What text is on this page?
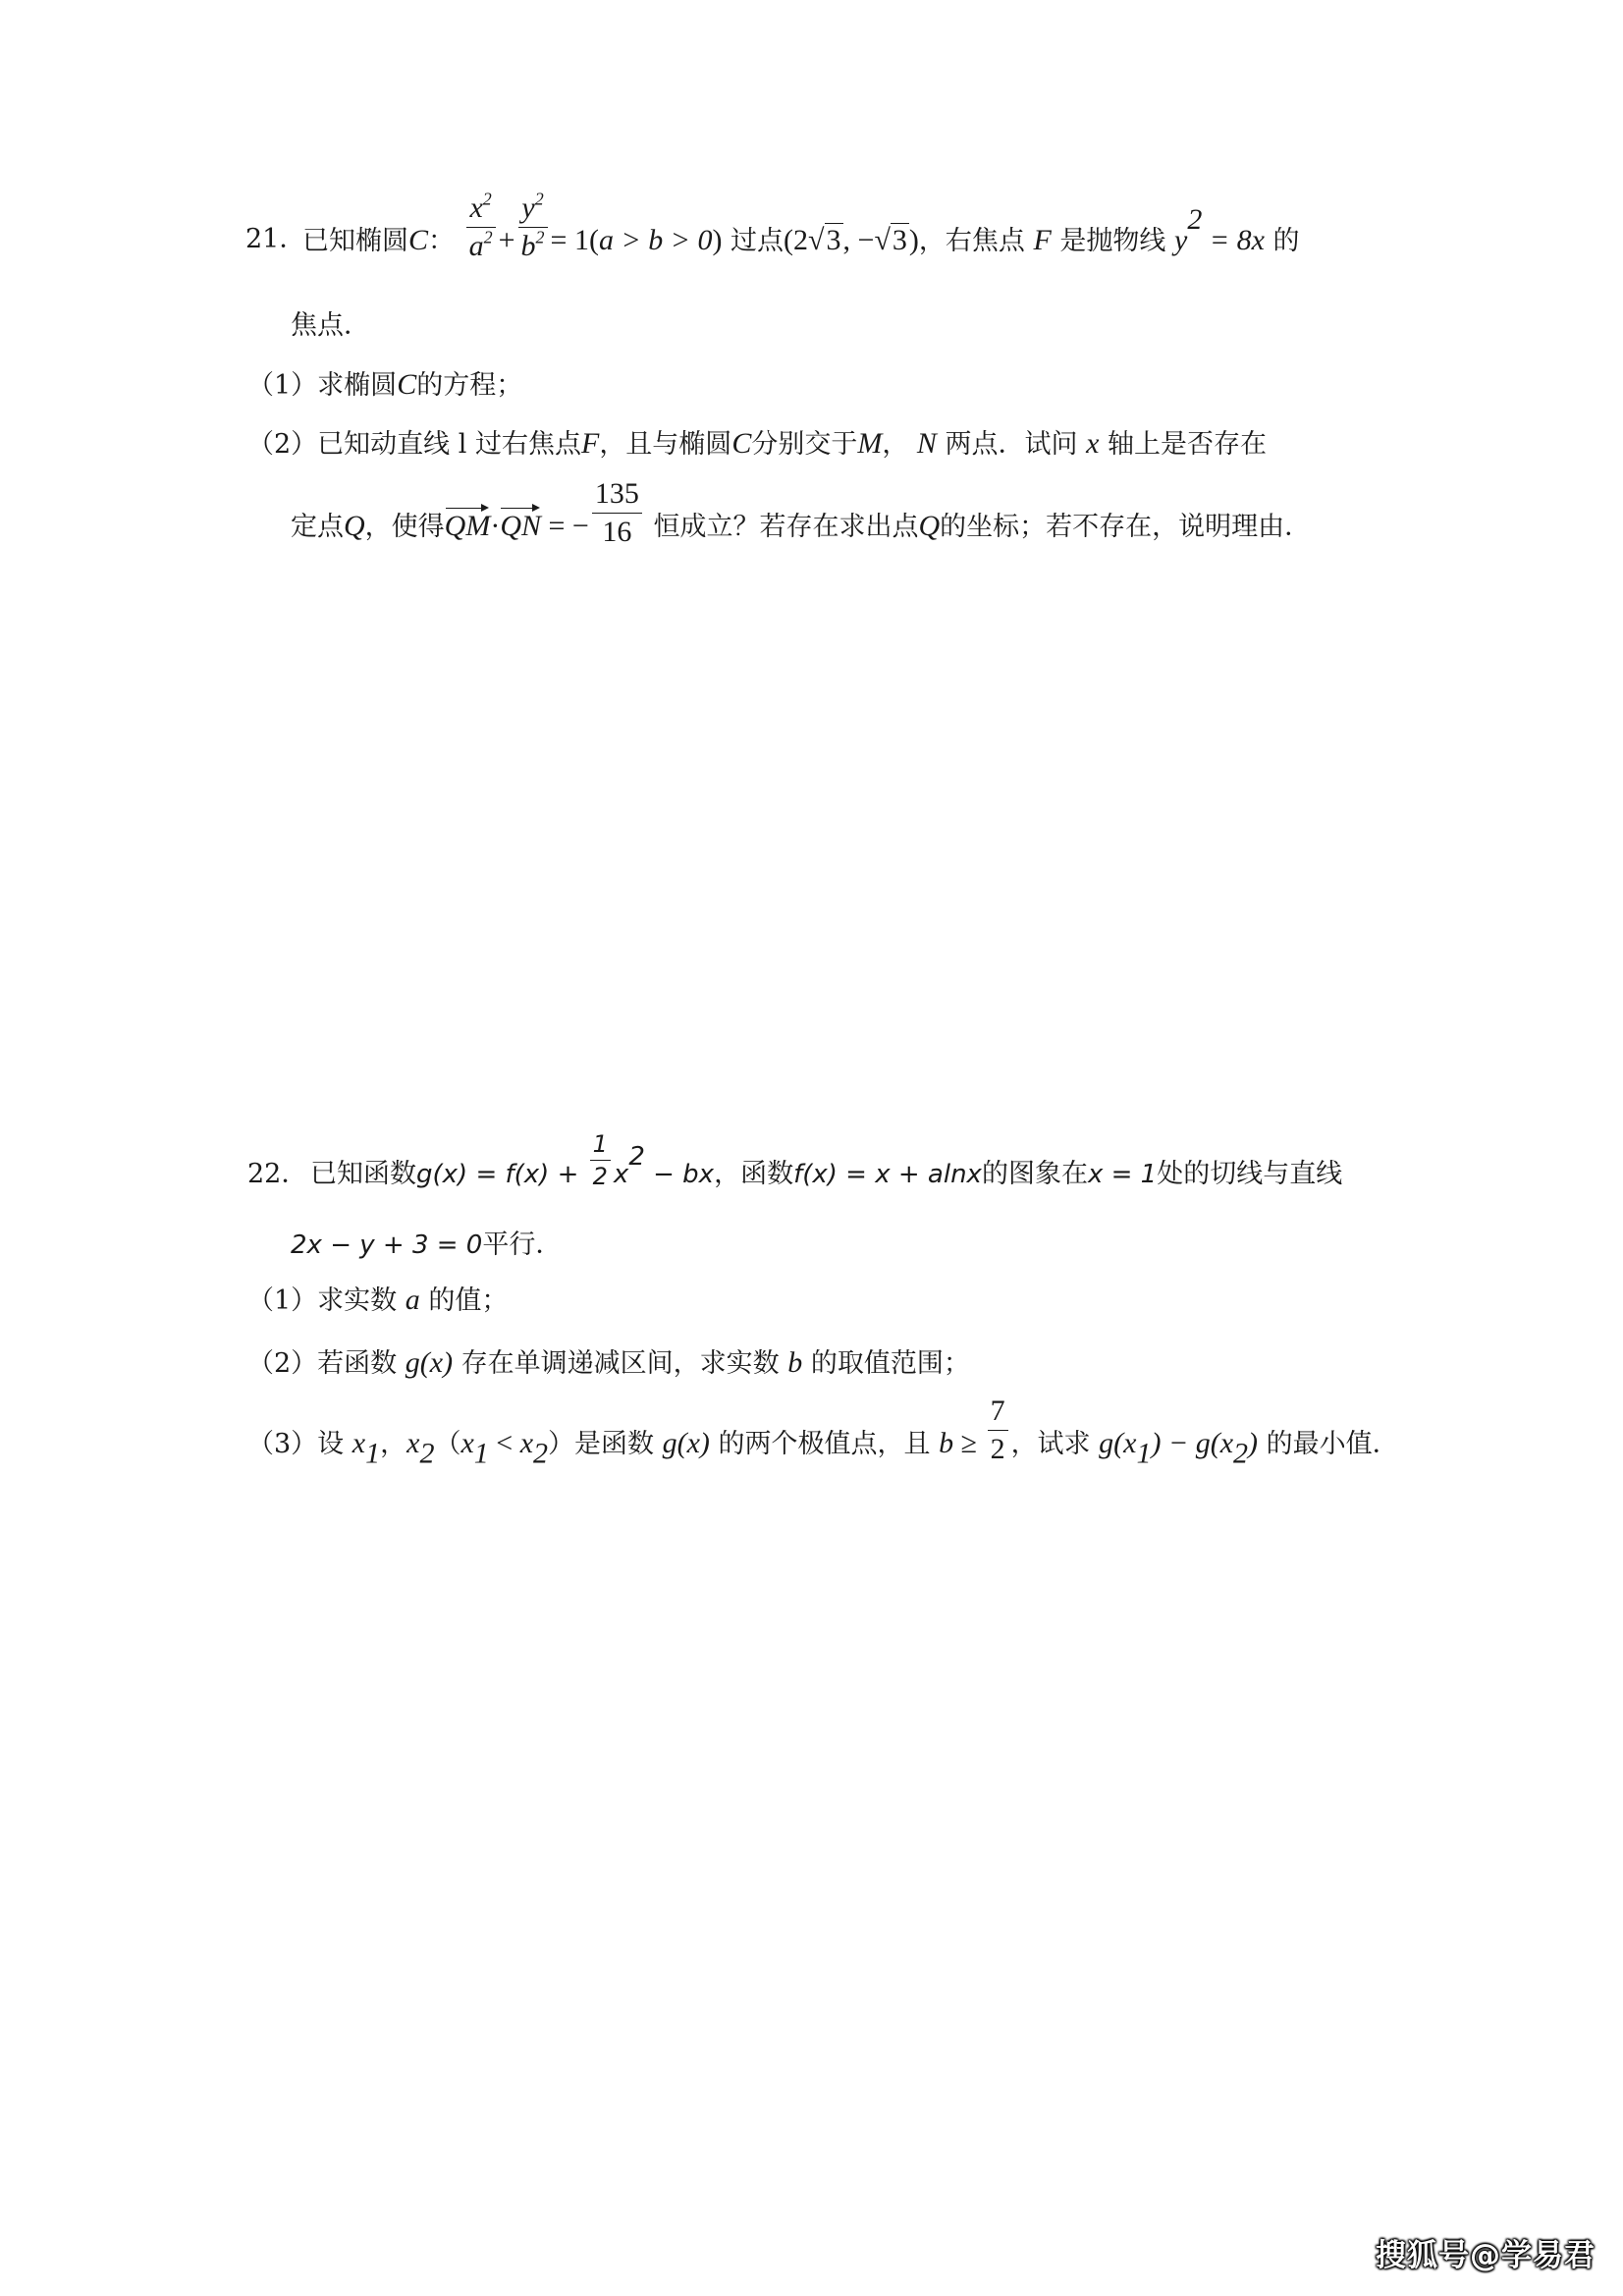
21．
已知椭圆C： $\frac{x^2}{a^2} + \frac{y^2}{b^2} = 1(a > b > 0)$ 过点(2√3, −√3)，右焦点 F 是抛物线 $y^2 = 8x$ 的
焦点．
（1）求椭圆C的方程；
（2）已知动直线 l 过右焦点F，且与椭圆C分别交于M， N 两点．试问 x 轴上是否存在
定点Q，使得QM·QN = − $\frac{135}{16}$ 恒成立？若存在求出点Q的坐标；若不存在，说明理由．
22． 已知函数$g(x) = f(x) + \frac{1}{2} x^2$ − bx，函数f(x) = x + alnx的图象在x = 1处的切线与直线
2x − y + 3 = 0平行．
（1）求实数 a 的值；
（2）若函数 g(x) 存在单调递减区间，求实数 b 的取值范围；
（3）设 $x_1$，$x_2(x_1 < x_2)$是函数 g(x) 的两个极值点，且 $b \ge \frac{7}{2}$ ，试求 $g(x_1) - g(x_2)$ 的最小值．
搜狐号@学易君
